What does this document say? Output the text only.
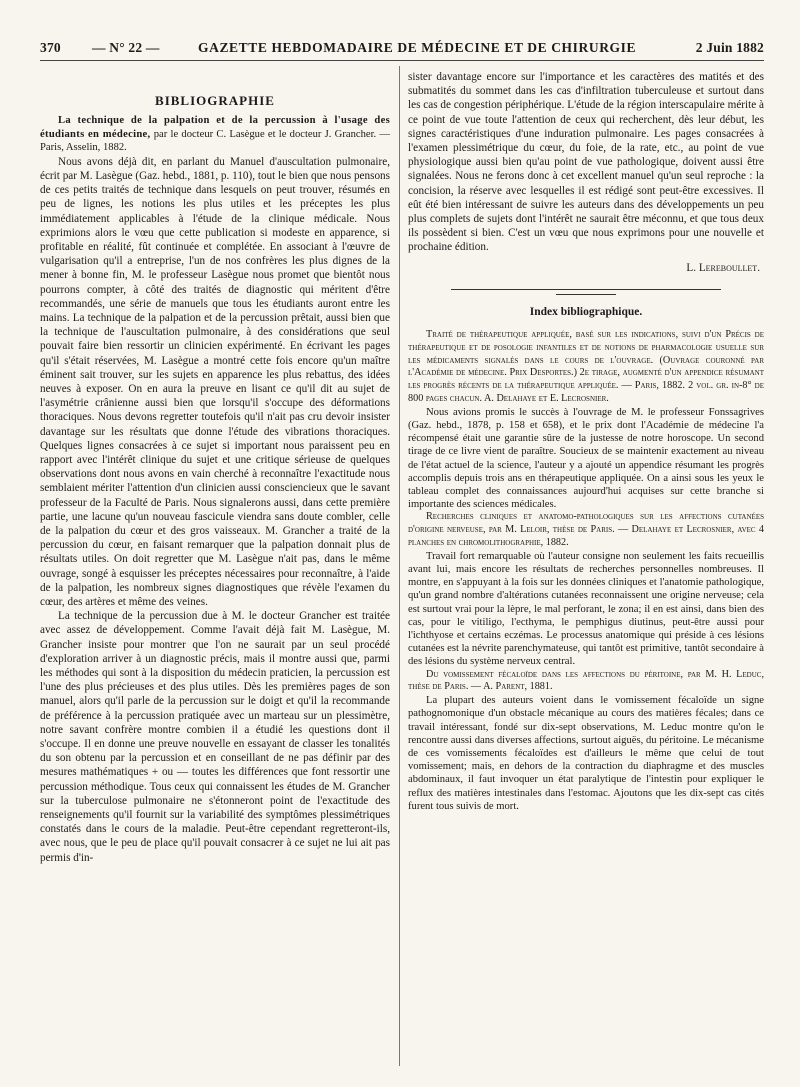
370 — N° 22 —	GAZETTE HEBDOMADAIRE DE MÉDECINE ET DE CHIRURGIE	2 Juin 1882
BIBLIOGRAPHIE

La technique de la palpation et de la percussion à l'usage des étudiants en médecine, par le docteur C. Lasègue et le docteur J. Grancher. — Paris, Asselin, 1882.

Nous avons déjà dit, en parlant du Manuel d'auscultation pulmonaire, écrit par M. Lasègue (Gaz. hebd., 1881, p. 110), tout le bien que nous pensons de ces petits traités de technique dans lesquels on peut trouver, résumés en peu de lignes, les notions les plus utiles et les préceptes les plus immédiatement applicables à l'étude de la clinique médicale. Nous exprimions alors le vœu que cette publication si modeste en apparence, si profitable en réalité, fût continuée et complétée. En associant à l'œuvre de vulgarisation qu'il a entreprise, l'un de nos confrères les plus dignes de la mener à bonne fin, M. le professeur Lasègue nous promet que bientôt nous pourrons compter, à côté des traités de diagnostic qui méritent d'être recommandés, une série de manuels que tous les étudiants auront entre les mains. La technique de la palpation et de la percussion prêtait, aussi bien que la technique de l'auscultation pulmonaire, à des considérations que seul pouvait faire bien ressortir un clinicien expérimenté. En écrivant les pages qu'il s'était réservées, M. Lasègue a montré cette fois encore qu'un maître éminent sait trouver, sur les sujets en apparence les plus rebattus, des idées neuves à exposer. On en aura la preuve en lisant ce qu'il dit au sujet de l'asymétrie crânienne aussi bien que lorsqu'il s'occupe des déformations thoraciques. Nous devons regretter toutefois qu'il n'ait pas cru devoir insister davantage sur les résultats que donne l'étude des vibrations thoraciques. Quelques lignes consacrées à ce sujet si important nous paraissent peu en rapport avec l'intérêt clinique du sujet et une critique sérieuse de quelques observations dont nous avons en vain cherché à reconnaître l'exactitude nous semblaient mériter l'attention d'un clinicien aussi consciencieux que le savant professeur de la Faculté de Paris. Nous signalerons aussi, dans cette première partie, une lacune qu'un nouveau fascicule viendra sans doute combler, celle de la palpation du cœur et des gros vaisseaux. M. Grancher a traité de la percussion du cœur, en faisant remarquer que la palpation donnait plus de résultats utiles. On doit regretter que M. Lasègue n'ait pas, dans le même ouvrage, songé à esquisser les préceptes nécessaires pour reconnaître, à l'aide de la palpation, les nombreux signes diagnostiques que révèle l'examen du cœur, des artères et même des veines.

La technique de la percussion due à M. le docteur Grancher est traitée avec assez de développement. Comme l'avait déjà fait M. Lasègue, M. Grancher insiste pour montrer que l'on ne saurait par un seul procédé d'exploration arriver à un diagnostic précis, mais il montre aussi que, parmi les méthodes qui sont à la disposition du médecin praticien, la percussion est l'une des plus précieuses et des plus utiles. Dès les premières pages de son manuel, alors qu'il parle de la percussion sur le doigt et qu'il la recommande de préférence à la percussion pratiquée avec un marteau sur un plessimètre, notre savant confrère montre combien il a étudié les questions dont il s'occupe. Il en donne une preuve nouvelle en essayant de classer les tonalités du son obtenu par la percussion et en conseillant de ne pas définir par des mesures mathématiques + ou — toutes les différences que font ressortir une percussion méthodique. Tous ceux qui connaissent les études de M. Grancher sur la tuberculose pulmonaire ne s'étonneront point de l'exactitude des renseignements qu'il fournit sur la variabilité des symptômes plessimétriques constatés dans le cours de la maladie. Peut-être cependant regretteront-ils, avec nous, que le peu de place qu'il pouvait consacrer à ce sujet ne lui ait pas permis d'in-

sister davantage encore sur l'importance et les caractères des matités et des submatités du sommet dans les cas d'infiltration tuberculeuse et surtout dans les cas de congestion périphérique. L'étude de la région interscapulaire mérite à ce point de vue toute l'attention de ceux qui recherchent, dès leur début, les signes caractéristiques d'une induration pulmonaire. Les pages consacrées à l'examen plessimétrique du cœur, du foie, de la rate, etc., au point de vue physiologique aussi bien qu'au point de vue pathologique, doivent aussi être signalées. Nous ne ferons donc à cet excellent manuel qu'un seul reproche : la concision, la réserve avec lesquelles il est rédigé sont peut-être excessives. Il eût été bien intéressant de suivre les auteurs dans des développements un peu plus complets de sujets dont l'intérêt ne saurait être méconnu, et que tous deux ils possèdent si bien. C'est un vœu que nous exprimons pour une nouvelle et prochaine édition.

L. Lereboullet.
Index bibliographique.

Traité de thérapeutique appliquée, basé sur les indications, suivi d'un Précis de thérapeutique et de posologie infantiles et de notions de pharmacologie usuelle sur les médicaments signalés dans le cours de l'ouvrage. (Ouvrage couronné par l'Académie de médecine. Prix Desportes.) 2e tirage, augmenté d'un appendice résumant les progrès récents de la thérapeutique appliquée. — Paris, 1882. 2 vol. gr. in-8° de 800 pages chacun. A. Delahaye et E. Lecrosnier.

Nous avions promis le succès à l'ouvrage de M. le professeur Fonssagrives (Gaz. hebd., 1878, p. 158 et 658), et le prix dont l'Académie de médecine l'a récompensé était une garantie sûre de la justesse de notre horoscope. Un second tirage de ce livre vient de paraître. Soucieux de se maintenir exactement au niveau de l'état actuel de la science, l'auteur y a ajouté un appendice résumant les progrès accomplis depuis trois ans en thérapeutique appliquée. On a ainsi sous les yeux le tableau complet des connaissances aujourd'hui acquises sur cette branche si importante des sciences médicales.

Recherches cliniques et anatomo-pathologiques sur les affections cutanées d'origine nerveuse, par M. Leloir, thèse de Paris. — Delahaye et Lecrosnier, avec 4 planches en chromolithographie, 1882.

Travail fort remarquable où l'auteur consigne non seulement les faits recueillis avant lui, mais encore les résultats de recherches personnelles nombreuses. Il montre, en s'appuyant à la fois sur les données cliniques et l'anatomie pathologique, qu'un grand nombre d'altérations cutanées reconnaissent une origine nerveuse; cela est surtout vrai pour la lèpre, le mal perforant, le zona; il en est ainsi, dans bien des cas, pour le vitiligo, l'ecthyma, le pemphigus diutinus, peut-être aussi pour l'ichthyose et certains eczémas. Le processus anatomique qui préside à ces lésions cutanées est la névrite parenchymateuse, qui tantôt est primitive, tantôt secondaire à des lésions du système nerveux central.

Du vomissement fécaloïde dans les affections du péritoine, par M. H. Leduc, thèse de Paris. — A. Parent, 1881.

La plupart des auteurs voient dans le vomissement fécaloïde un signe pathognomonique d'un obstacle mécanique au cours des matières fécales; dans ce travail intéressant, fondé sur dix-sept observations, M. Leduc montre qu'on le rencontre aussi dans diverses affections, surtout aiguës, du péritoine. Le mécanisme de ces vomissements fécaloïdes est d'ailleurs le même que celui de tout vomissement; mais, en dehors de la contraction du diaphragme et des muscles abdominaux, il faut invoquer un état paralytique de l'intestin pour expliquer le reflux des matières intestinales dans l'estomac. Ajoutons que les dix-sept cas cités furent tous suivis de mort.
